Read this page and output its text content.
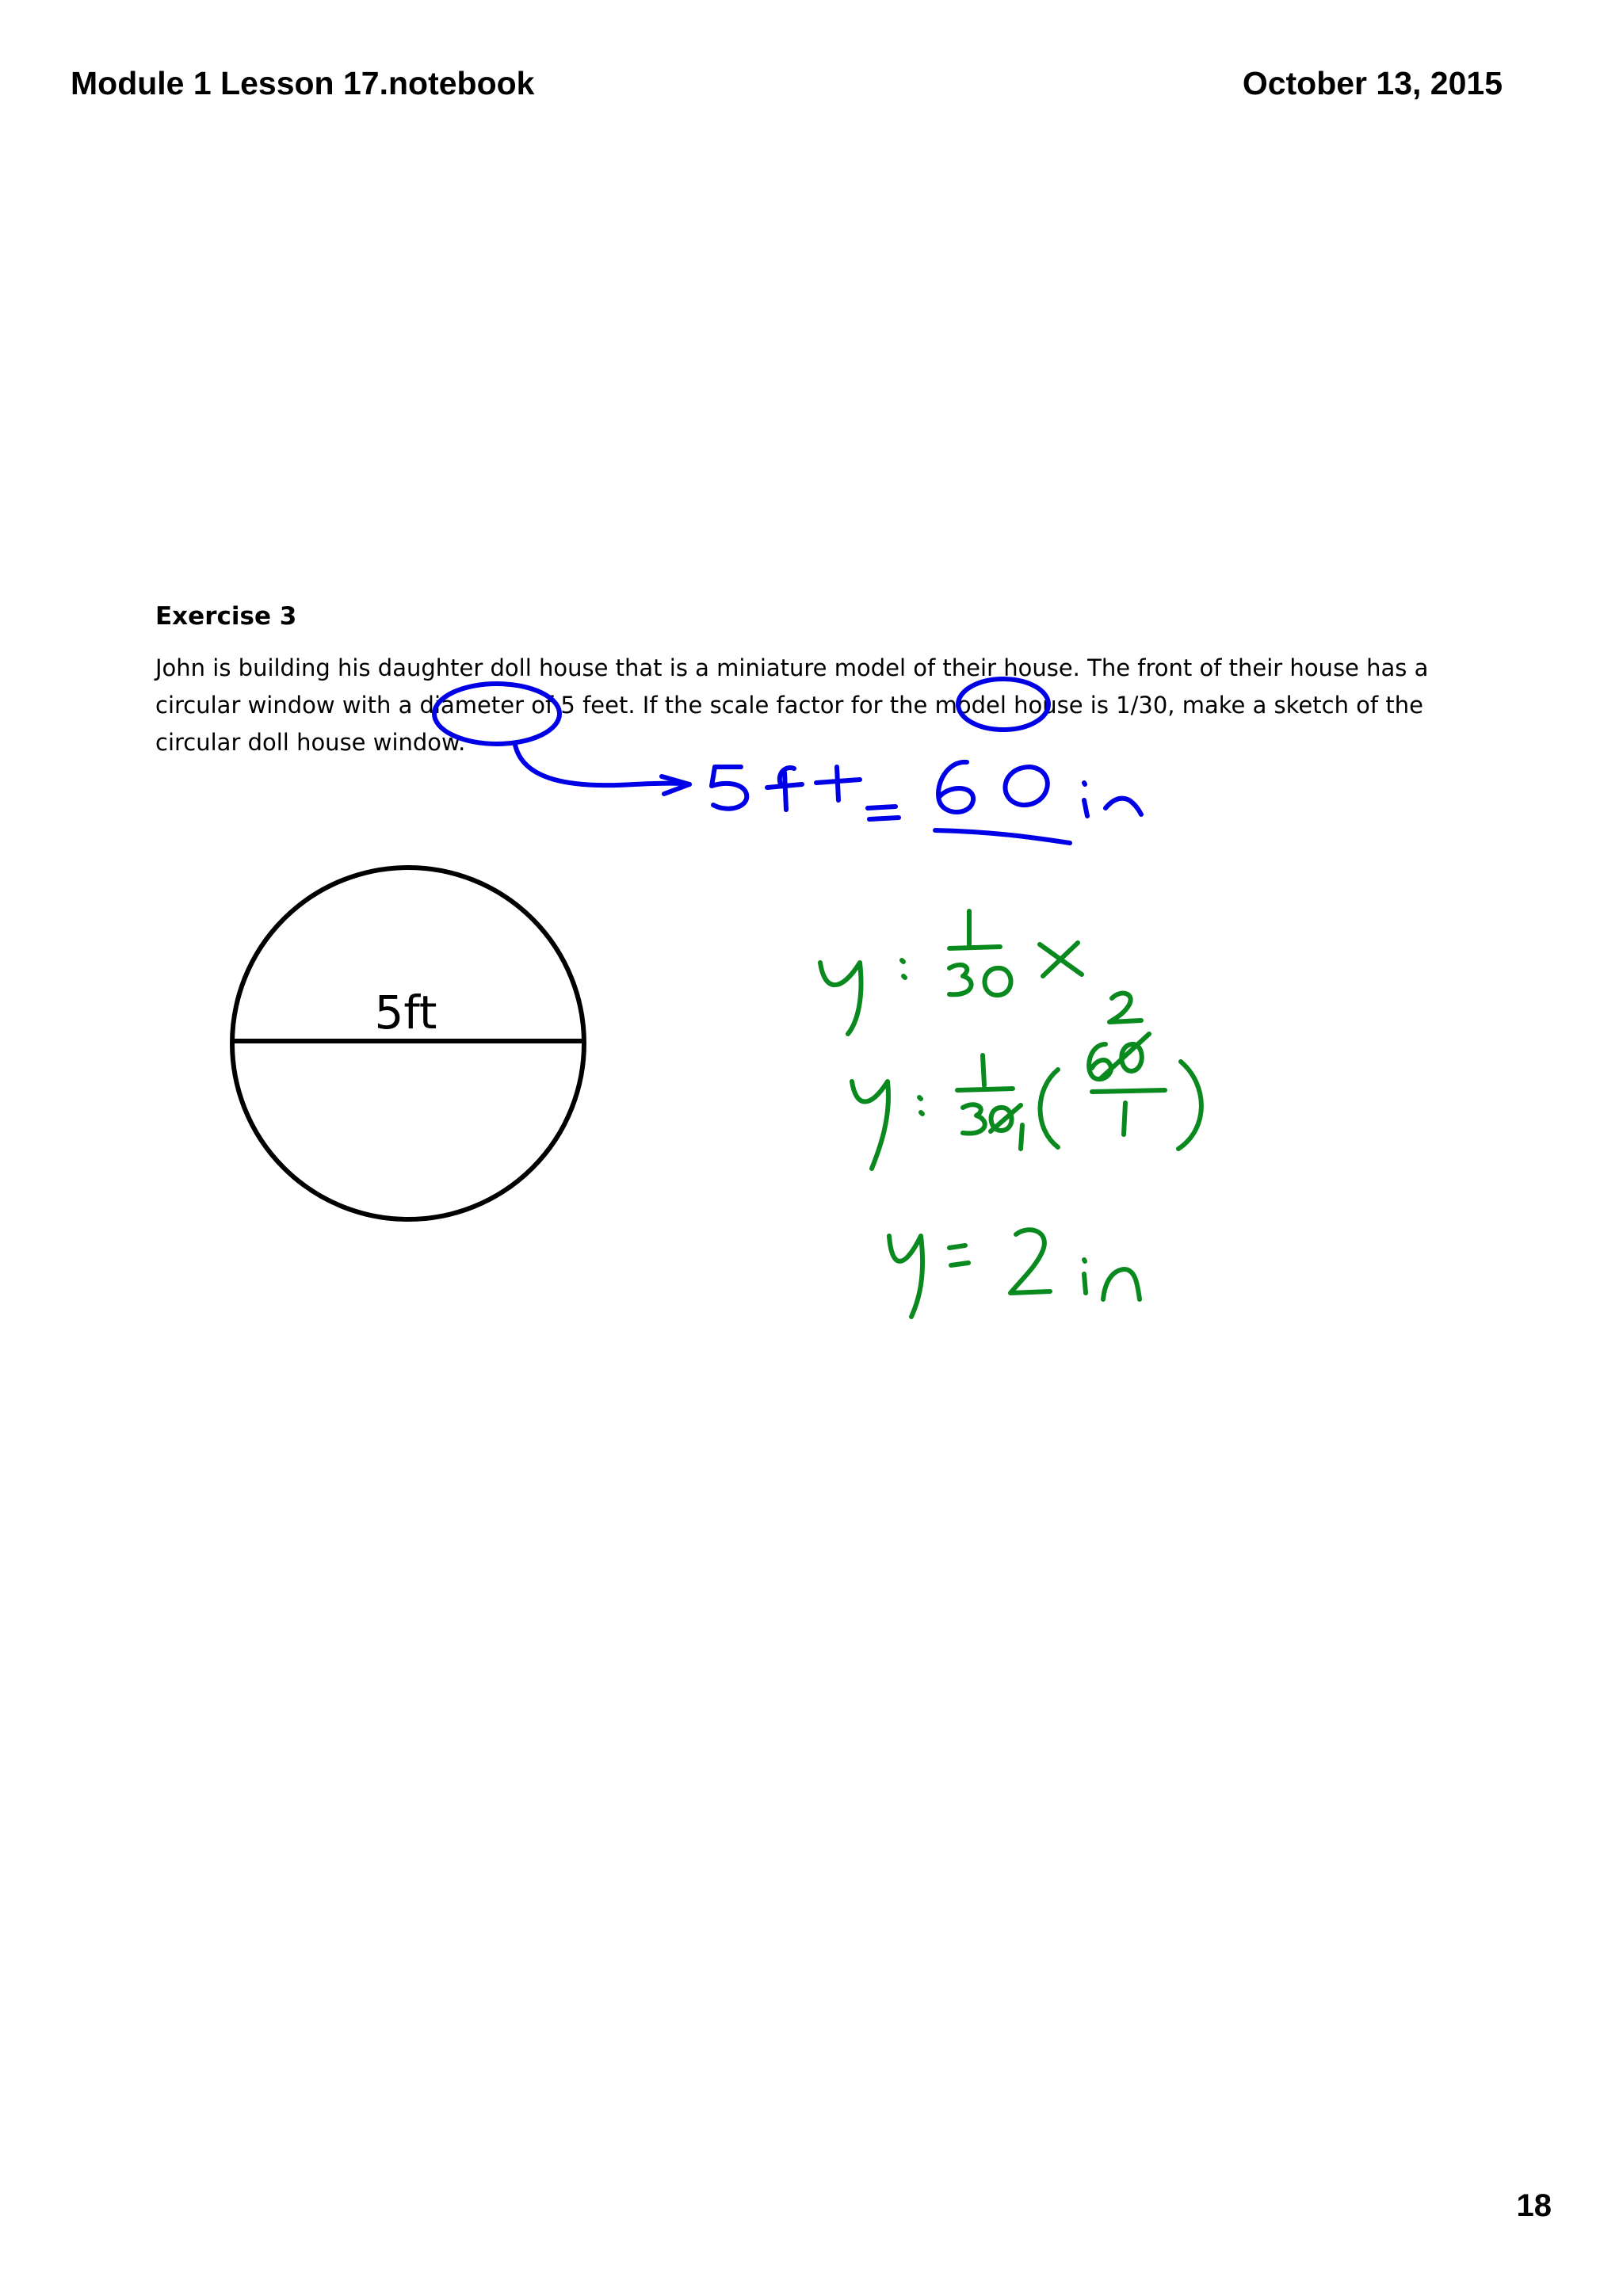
Module 1 Lesson 17.notebook	October 13, 2015

Exercise 3

John is building his daughter doll house that is a miniature model of their house. The front of their house has a circular window with a diameter of 5 feet. If the scale factor for the model house is 1/30, make a sketch of the circular doll house window.

5ft
18
